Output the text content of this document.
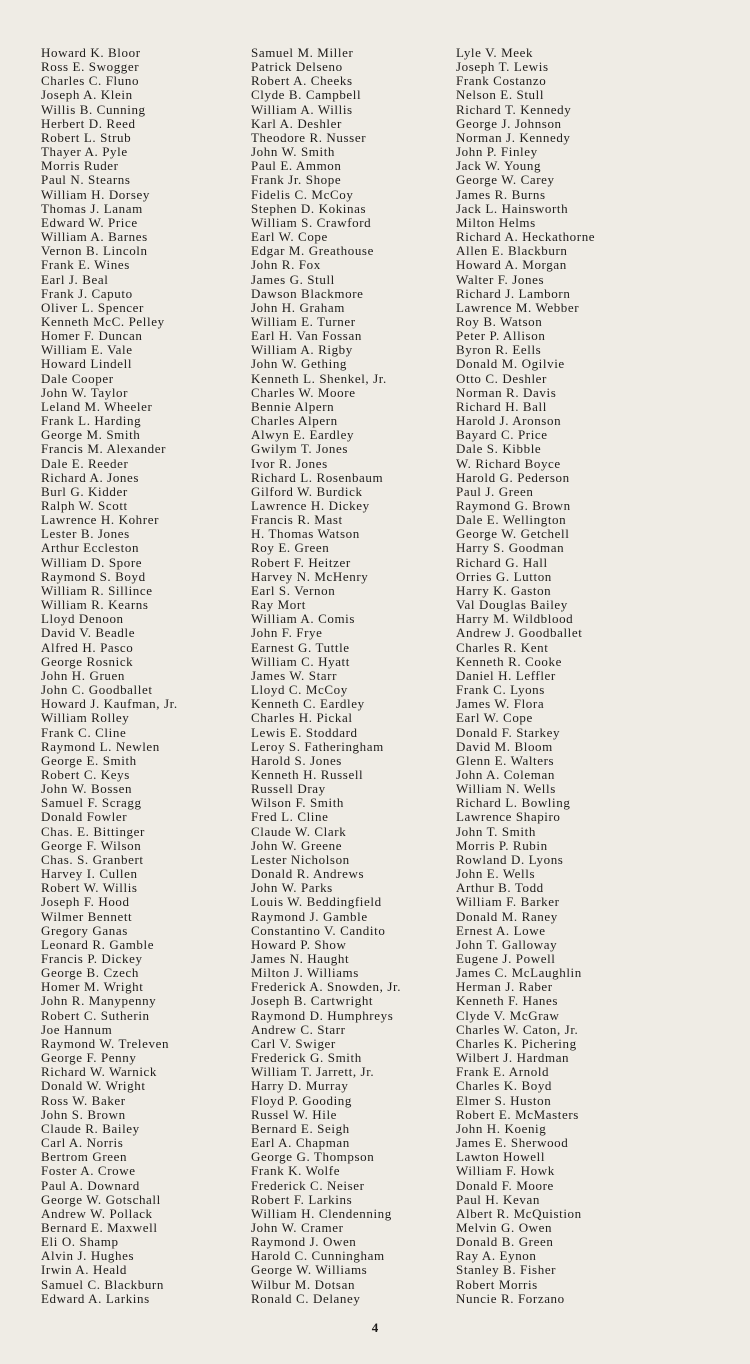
Howard K. Bloor
Ross E. Swogger
Charles C. Fluno
Joseph A. Klein
Willis B. Cunning
Herbert D. Reed
Robert L. Strub
Thayer A. Pyle
Morris Ruder
Paul N. Stearns
William H. Dorsey
Thomas J. Lanam
Edward W. Price
William A. Barnes
Vernon B. Lincoln
Frank E. Wines
Earl J. Beal
Frank J. Caputo
Oliver L. Spencer
Kenneth McC. Pelley
Homer F. Duncan
William E. Vale
Howard Lindell
Dale Cooper
John W. Taylor
Leland M. Wheeler
Frank L. Harding
George M. Smith
Francis M. Alexander
Dale E. Reeder
Richard A. Jones
Burl G. Kidder
Ralph W. Scott
Lawrence H. Kohrer
Lester B. Jones
Arthur Eccleston
William D. Spore
Raymond S. Boyd
William R. Sillince
William R. Kearns
Lloyd Denoon
David V. Beadle
Alfred H. Pasco
George Rosnick
John H. Gruen
John C. Goodballet
Howard J. Kaufman, Jr.
William Rolley
Frank C. Cline
Raymond L. Newlen
George E. Smith
Robert C. Keys
John W. Bossen
Samuel F. Scragg
Donald Fowler
Chas. E. Bittinger
George F. Wilson
Chas. S. Granbert
Harvey I. Cullen
Robert W. Willis
Joseph F. Hood
Wilmer Bennett
Gregory Ganas
Leonard R. Gamble
Francis P. Dickey
George B. Czech
Homer M. Wright
John R. Manypenny
Robert C. Sutherin
Joe Hannum
Raymond W. Treleven
George F. Penny
Richard W. Warnick
Donald W. Wright
Ross W. Baker
John S. Brown
Claude R. Bailey
Carl A. Norris
Bertrom Green
Foster A. Crowe
Paul A. Downard
George W. Gotschall
Andrew W. Pollack
Bernard E. Maxwell
Eli O. Shamp
Alvin J. Hughes
Irwin A. Heald
Samuel C. Blackburn
Edward A. Larkins
Samuel M. Miller
Patrick Delseno
Robert A. Cheeks
Clyde B. Campbell
William A. Willis
Karl A. Deshler
Theodore R. Nusser
John W. Smith
Paul E. Ammon
Frank Jr. Shope
Fidelis C. McCoy
Stephen D. Kokinas
William S. Crawford
Earl W. Cope
Edgar M. Greathouse
John R. Fox
James G. Stull
Dawson Blackmore
John H. Graham
William E. Turner
Earl H. Van Fossan
William A. Rigby
John W. Gething
Kenneth L. Shenkel, Jr.
Charles W. Moore
Bennie Alpern
Charles Alpern
Alwyn E. Eardley
Gwilym T. Jones
Ivor R. Jones
Richard L. Rosenbaum
Gilford W. Burdick
Lawrence H. Dickey
Francis R. Mast
H. Thomas Watson
Roy E. Green
Robert F. Heitzer
Harvey N. McHenry
Earl S. Vernon
Ray Mort
William A. Comis
John F. Frye
Earnest G. Tuttle
William C. Hyatt
James W. Starr
Lloyd C. McCoy
Kenneth C. Eardley
Charles H. Pickal
Lewis E. Stoddard
Leroy S. Fatheringham
Harold S. Jones
Kenneth H. Russell
Russell Dray
Wilson F. Smith
Fred L. Cline
Claude W. Clark
John W. Greene
Lester Nicholson
Donald R. Andrews
John W. Parks
Louis W. Beddingfield
Raymond J. Gamble
Constantino V. Candito
Howard P. Show
James N. Haught
Milton J. Williams
Frederick A. Snowden, Jr.
Joseph B. Cartwright
Raymond D. Humphreys
Andrew C. Starr
Carl V. Swiger
Frederick G. Smith
William T. Jarrett, Jr.
Harry D. Murray
Floyd P. Gooding
Russel W. Hile
Bernard E. Seigh
Earl A. Chapman
George G. Thompson
Frank K. Wolfe
Frederick C. Neiser
Robert F. Larkins
William H. Clendenning
John W. Cramer
Raymond J. Owen
Harold C. Cunningham
George W. Williams
Wilbur M. Dotsan
Ronald C. Delaney
Lyle V. Meek
Joseph T. Lewis
Frank Costanzo
Nelson E. Stull
Richard T. Kennedy
George J. Johnson
Norman J. Kennedy
John P. Finley
Jack W. Young
George W. Carey
James R. Burns
Jack L. Hainsworth
Milton Helms
Richard A. Heckathorne
Allen E. Blackburn
Howard A. Morgan
Walter F. Jones
Richard J. Lamborn
Lawrence M. Webber
Roy B. Watson
Peter P. Allison
Byron R. Eells
Donald M. Ogilvie
Otto C. Deshler
Norman R. Davis
Richard H. Ball
Harold J. Aronson
Bayard C. Price
Dale S. Kibble
W. Richard Boyce
Harold G. Pederson
Paul J. Green
Raymond G. Brown
Dale E. Wellington
George W. Getchell
Harry S. Goodman
Richard G. Hall
Orries G. Lutton
Harry K. Gaston
Val Douglas Bailey
Harry M. Wildblood
Andrew J. Goodballet
Charles R. Kent
Kenneth R. Cooke
Daniel H. Leffler
Frank C. Lyons
James W. Flora
Earl W. Cope
Donald F. Starkey
David M. Bloom
Glenn E. Walters
John A. Coleman
William N. Wells
Richard L. Bowling
Lawrence Shapiro
John T. Smith
Morris P. Rubin
Rowland D. Lyons
John E. Wells
Arthur B. Todd
William F. Barker
Donald M. Raney
Ernest A. Lowe
John T. Galloway
Eugene J. Powell
James C. McLaughlin
Herman J. Raber
Kenneth F. Hanes
Clyde V. McGraw
Charles W. Caton, Jr.
Charles K. Pichering
Wilbert J. Hardman
Frank E. Arnold
Charles K. Boyd
Elmer S. Huston
Robert E. McMasters
John H. Koenig
James E. Sherwood
Lawton Howell
William F. Howk
Donald F. Moore
Paul H. Kevan
Albert R. McQuistion
Melvin G. Owen
Donald B. Green
Ray A. Eynon
Stanley B. Fisher
Robert Morris
Nuncie R. Forzano
4
